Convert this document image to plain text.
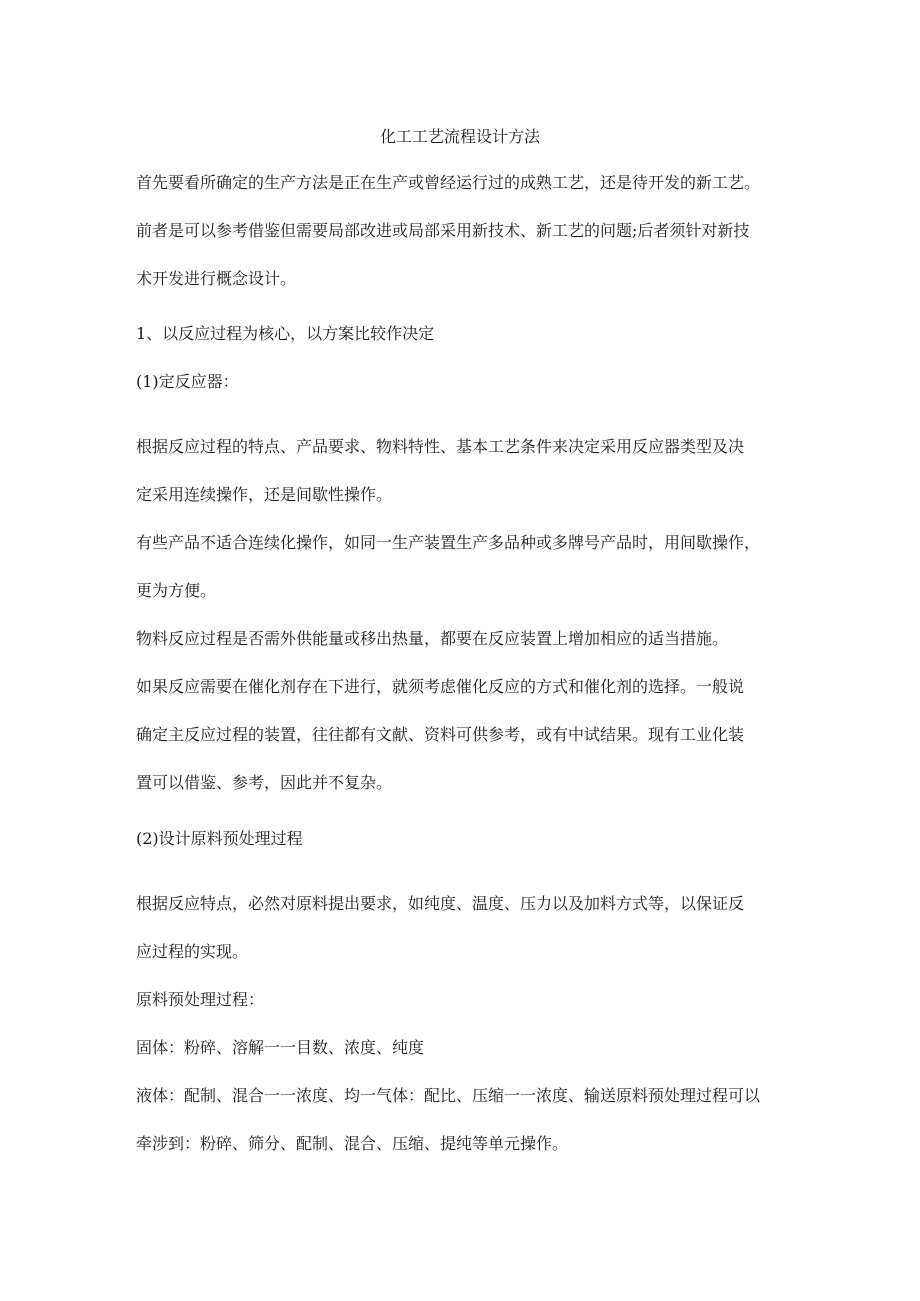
化工工艺流程设计方法
首先要看所确定的生产方法是正在生产或曾经运行过的成熟工艺，还是待开发的新工艺。
前者是可以参考借鉴但需要局部改进或局部采用新技术、新工艺的问题;后者须针对新技
术开发进行概念设计。
1、以反应过程为核心，以方案比较作决定
(1)定反应器：
根据反应过程的特点、产品要求、物料特性、基本工艺条件来决定采用反应器类型及决
定采用连续操作，还是间歇性操作。
有些产品不适合连续化操作，如同一生产装置生产多品种或多牌号产品时，用间歇操作，
更为方便。
物料反应过程是否需外供能量或移出热量，都要在反应装置上增加相应的适当措施。
如果反应需要在催化剂存在下进行，就须考虑催化反应的方式和催化剂的选择。一般说
确定主反应过程的装置，往往都有文献、资料可供参考，或有中试结果。现有工业化装
置可以借鉴、参考，因此并不复杂。
(2)设计原料预处理过程
根据反应特点，必然对原料提出要求，如纯度、温度、压力以及加料方式等，以保证反
应过程的实现。
原料预处理过程：
固体：粉碎、溶解一一目数、浓度、纯度
液体：配制、混合一一浓度、均一气体：配比、压缩一一浓度、输送原料预处理过程可以
牵涉到：粉碎、筛分、配制、混合、压缩、提纯等单元操作。
